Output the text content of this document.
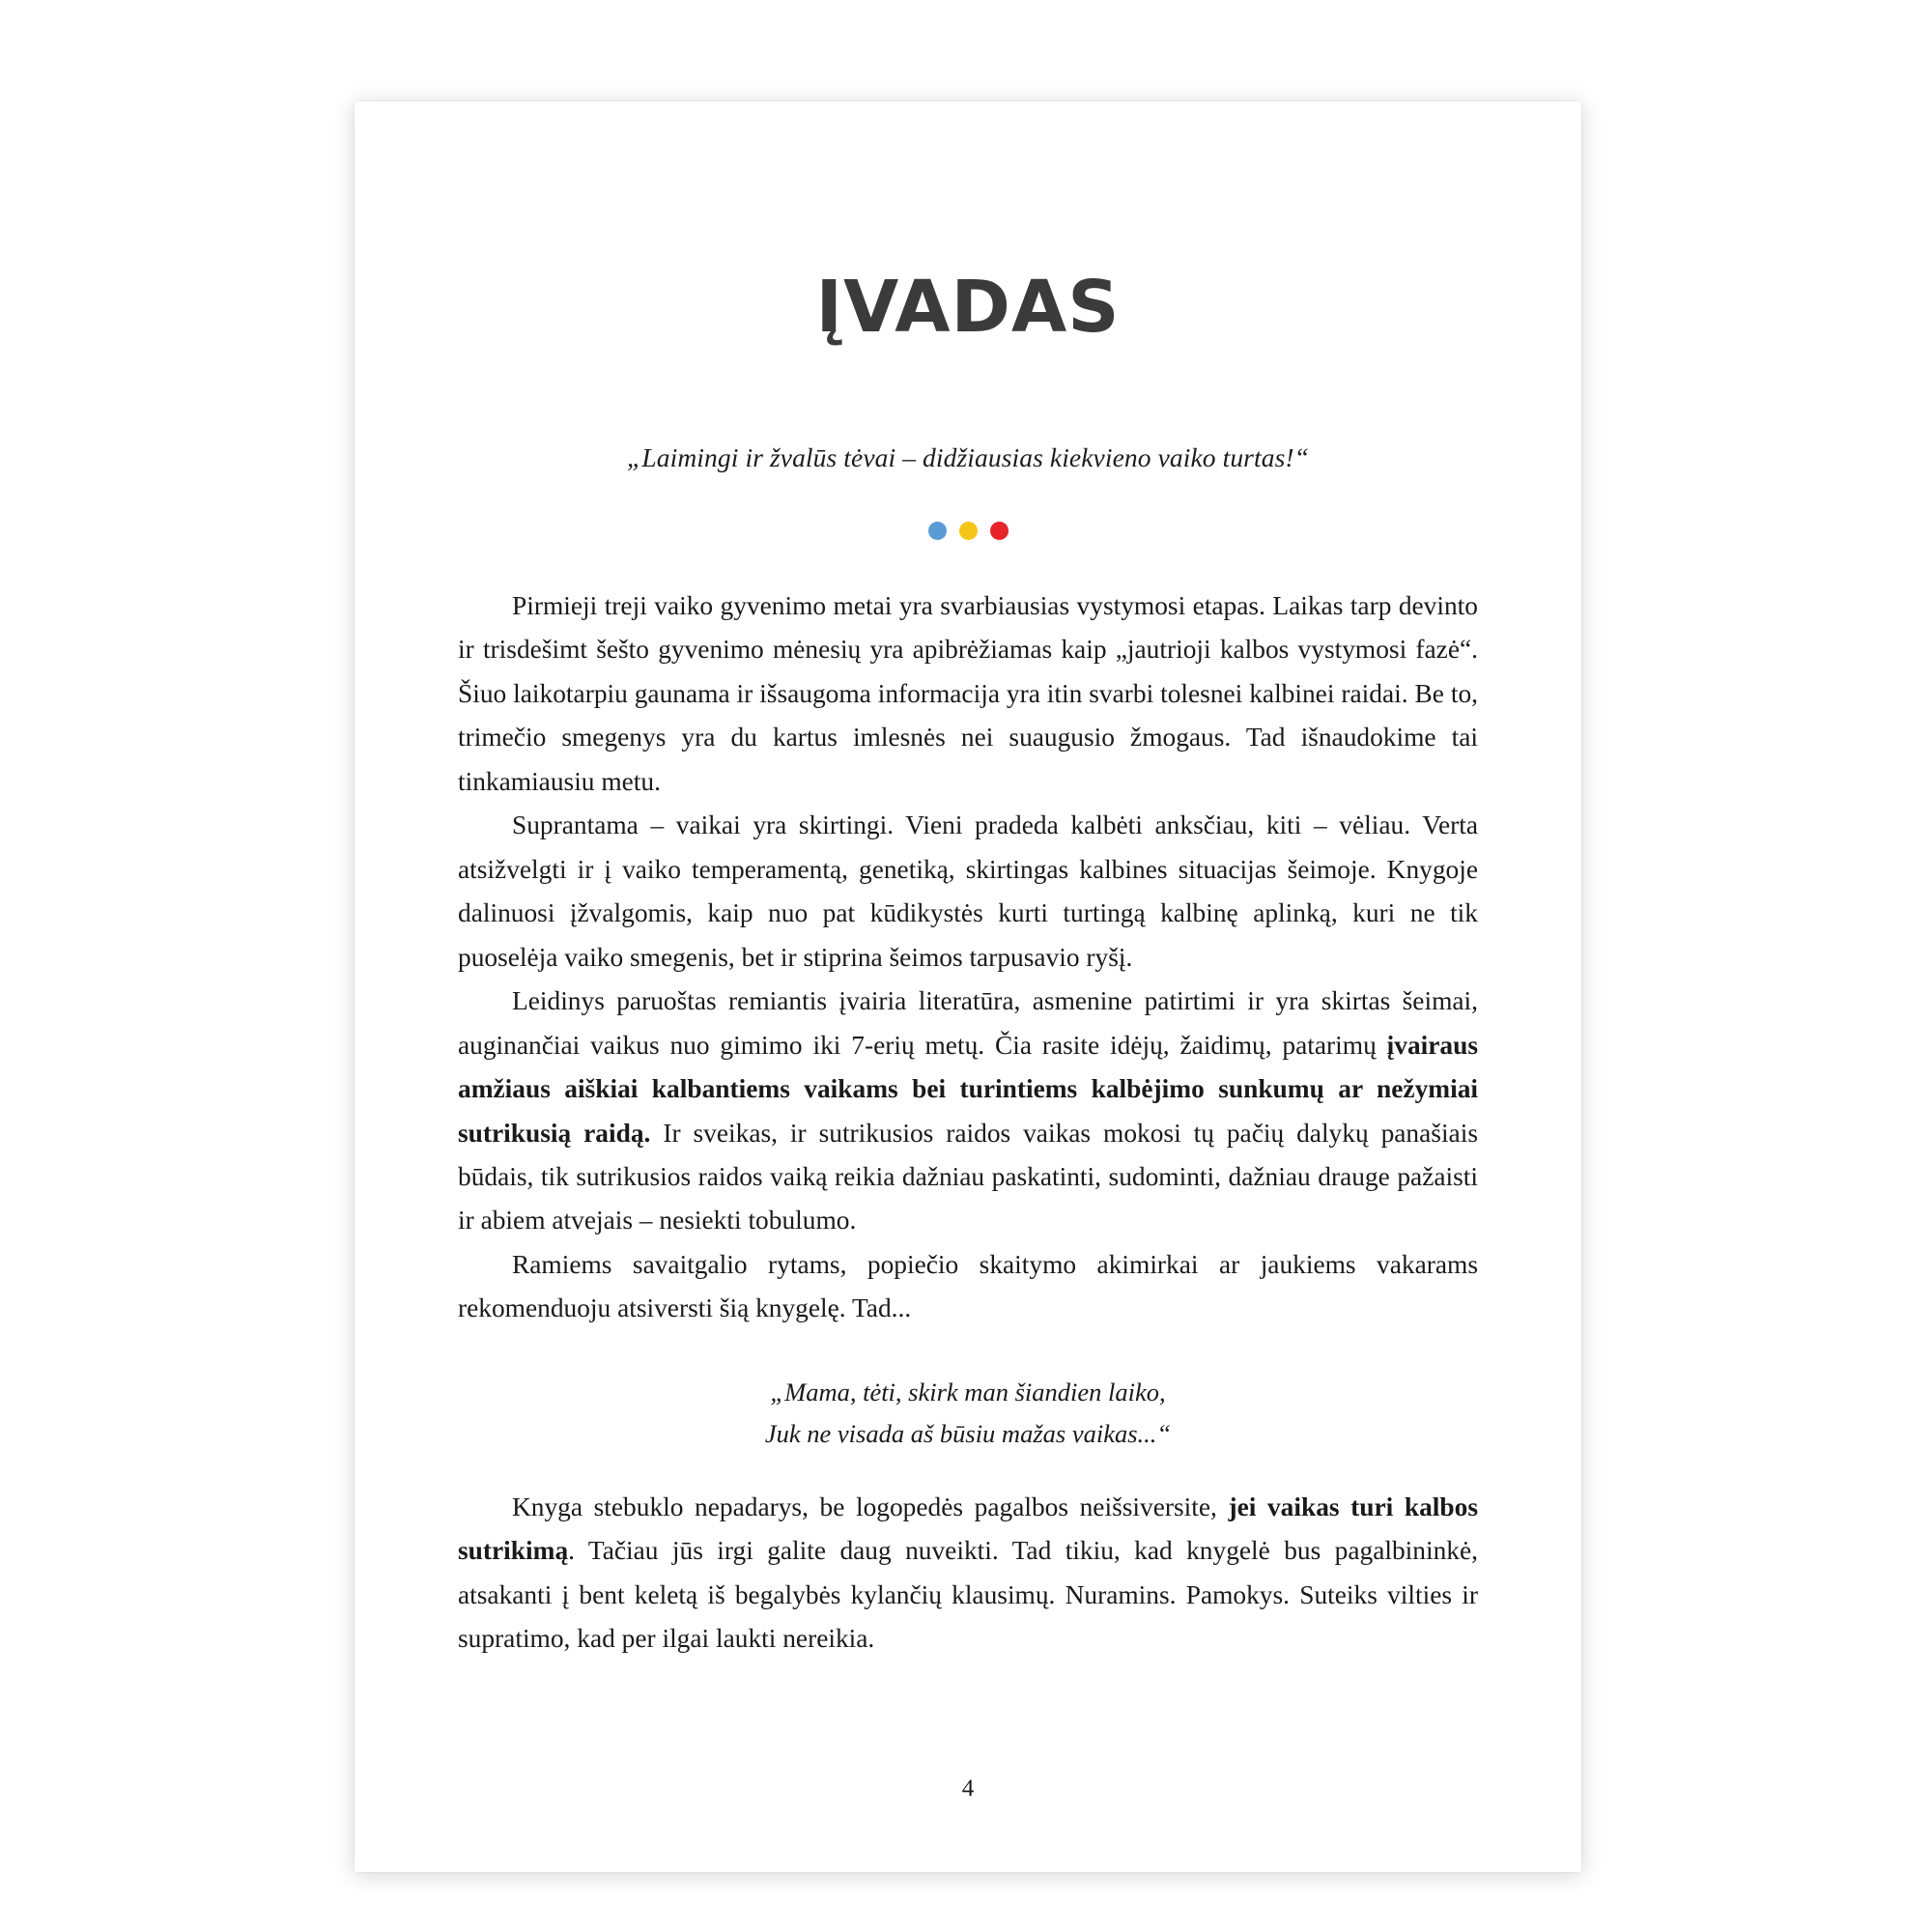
ĮVADAS
„Laimingi ir žvalūs tėvai – didžiausias kiekvieno vaiko turtas!“

Pirmieji treji vaiko gyvenimo metai yra svarbiausias vystymosi etapas. Laikas tarp devinto ir trisdešimt šešto gyvenimo mėnesių yra apibrėžiamas kaip „jautrioji kalbos vystymosi fazė“. Šiuo laikotarpiu gaunama ir išsaugoma informacija yra itin svarbi tolesnei kalbinei raidai. Be to, trimečio smegenys yra du kartus imlesnės nei suaugusio žmogaus. Tad išnaudokime tai tinkamiausiu metu.

Suprantama – vaikai yra skirtingi. Vieni pradeda kalbėti anksčiau, kiti – vėliau. Verta atsižvelgti ir į vaiko temperamentą, genetiką, skirtingas kalbines situacijas šeimoje. Knygoje dalinuosi įžvalgomis, kaip nuo pat kūdikystės kurti turtingą kalbinę aplinką, kuri ne tik puoselėja vaiko smegenis, bet ir stiprina šeimos tarpusavio ryšį.

Leidinys paruoštas remiantis įvairia literatūra, asmenine patirtimi ir yra skirtas šeimai, auginančiai vaikus nuo gimimo iki 7-erių metų. Čia rasite idėjų, žaidimų, patarimų įvairaus amžiaus aiškiai kalbantiems vaikams bei turintiems kalbėjimo sunkumų ar nežymiai sutrikusią raidą. Ir sveikas, ir sutrikusios raidos vaikas mokosi tų pačių dalykų panašiais būdais, tik sutrikusios raidos vaiką reikia dažniau paskatinti, sudominti, dažniau drauge pažaisti ir abiem atvejais – nesiekti tobulumo.

Ramiems savaitgalio rytams, popiečio skaitymo akimirkai ar jaukiems vakarams rekomenduoju atsiversti šią knygelę. Tad...

„Mama, tėti, skirk man šiandien laiko,
Juk ne visada aš būsiu mažas vaikas...“

Knyga stebuklo nepadarys, be logopedės pagalbos neišsiversite, jei vaikas turi kalbos sutrikimą. Tačiau jūs irgi galite daug nuveikti. Tad tikiu, kad knygelė bus pagalbininkė, atsakanti į bent keletą iš begalybės kylančių klausimų. Nuramins. Pamokys. Suteiks vilties ir supratimo, kad per ilgai laukti nereikia.

4
